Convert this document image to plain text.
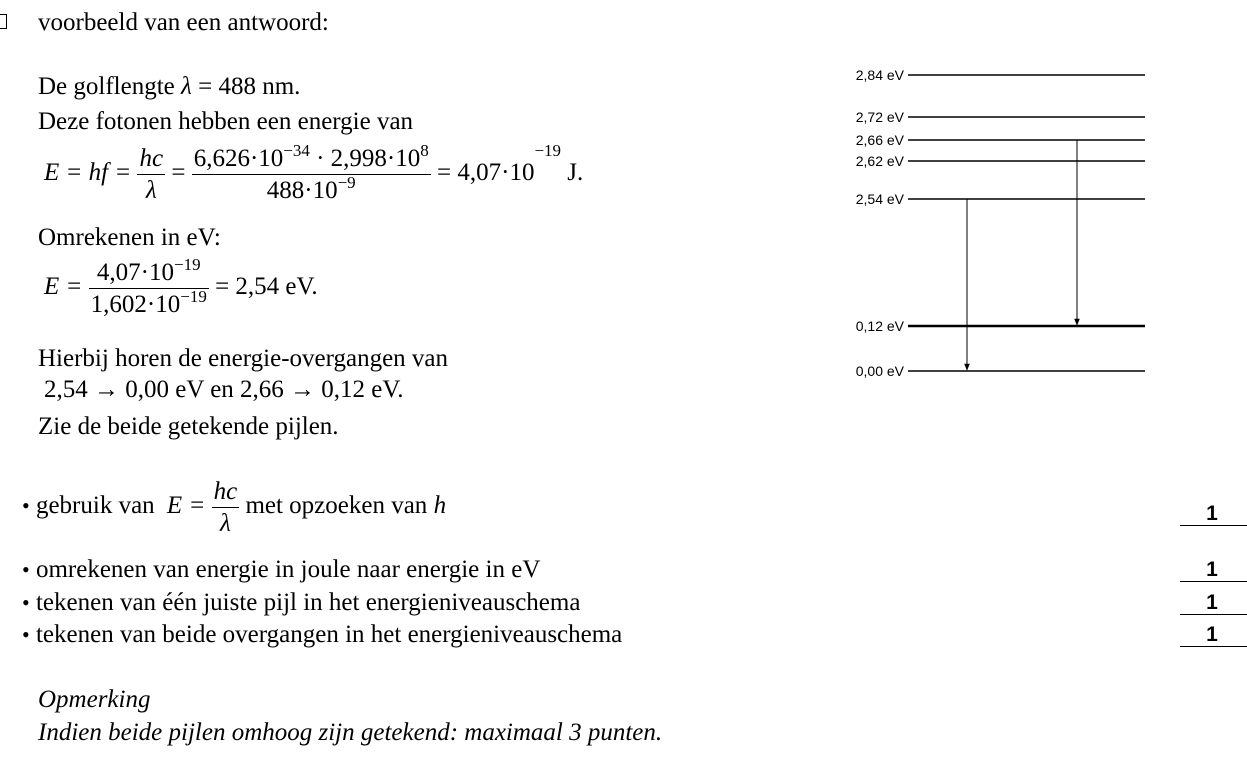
voorbeeld van een antwoord:
De golflengte λ = 488 nm.
Deze fotonen hebben een energie van
E = hf = $\frac{hc}{\lambda} = \frac{6,626\cdot 10^{-34} \cdot 2,998\cdot 10^8}{488\cdot 10^{-9}} = 4,07\cdot 10^{-19}$ J.
Omrekenen in eV:
$E = \frac{4,07\cdot 10^{-19}}{1,602\cdot 10^{-19}} = 2,54$ eV.
Hierbij horen de energie-overgangen van
2,54 → 0,00 eV en 2,66 → 0,12 eV.
Zie de beide getekende pijlen.
2,84 eV
2,72 eV
2,66 eV
2,62 eV
2,54 eV
0,12 eV
0,00 eV
• gebruik van $E = \frac{hc}{\lambda}$ met opzoeken van h	1
• omrekenen van energie in joule naar energie in eV	1
• tekenen van één juiste pijl in het energieniveauschema	1
• tekenen van beide overgangen in het energieniveauschema	1
Opmerking
Indien beide pijlen omhoog zijn getekend: maximaal 3 punten.
